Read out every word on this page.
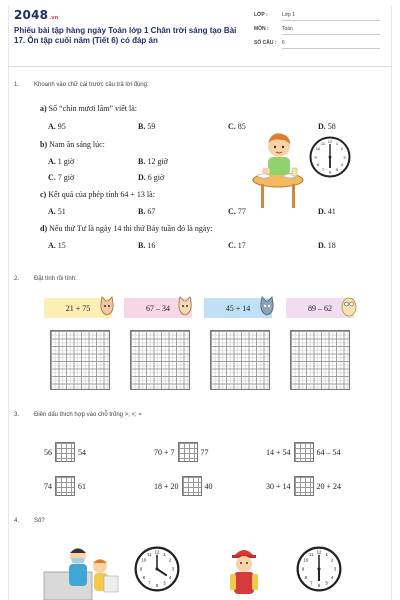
2048.vn
Phiếu bài tập hàng ngày Toán lớp 1 Chân trời sáng tạo Bài 17. Ôn tập cuối năm (Tiết 6) có đáp án
LỚP :	Lớp 1
MÔN :	Toán
SỐ CÂU :	6
1. Khoanh vào chữ cái trước câu trả lời đúng:
a) Số “chín mươi lăm” viết là:
A. 95	B. 59	C. 85	D. 58
b) Nam ăn sáng lúc:
A. 1 giờ	B. 12 giờ
C. 7 giờ	D. 6 giờ
12 1
2
3
4
5
6
7
8
9
10
11
c) Kết quả của phép tính 64 + 13 là:
A. 51	B. 67	C. 77	D. 41
d) Nếu thứ Tư là ngày 14 thì thứ Bảy tuần đó là ngày:
A. 15	B. 16	C. 17	D. 18
2. Đặt tính rồi tính:
21 + 75	67 – 34	45 + 14	89 – 62
3. Điền dấu thích hợp vào chỗ trống >; <; =
56	54	70 + 7	77	14 + 54	64 – 54
74	61	18 + 20	40	30 + 14	20 + 24
4. Số?
12 1
2
3
4
5
6
7
8
9
10
11	12 1
2
3
4
5
6
7
8
9
10
11
